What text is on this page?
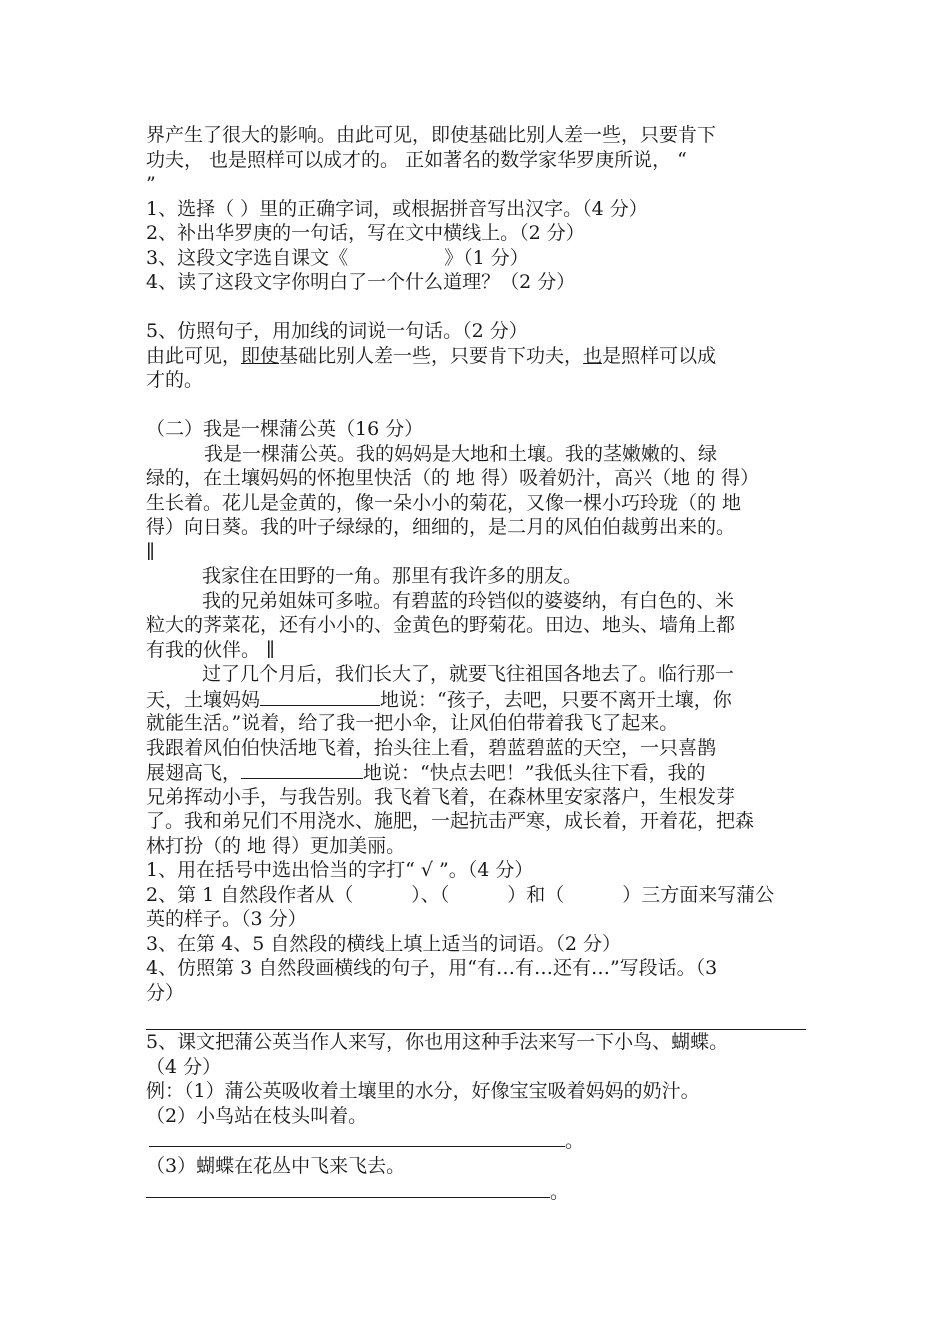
界产生了很大的影响。由此可见，即使基础比别人差一些，只要肯下
功夫， 也是照样可以成才的。 正如著名的数学家华罗庚所说， “
”
1、选择（ ）里的正确字词，或根据拼音写出汉字。（4 分）
2、补出华罗庚的一句话，写在文中横线上。（2 分）
3、这段文字选自课文《	》（1 分）
4、读了这段文字你明白了一个什么道理？（2 分）
5、仿照句子，用加线的词说一句话。（2 分）
由此可见，即使基础比别人差一些，只要肯下功夫，也是照样可以成
才的。
（二）我是一棵蒲公英（16 分）
我是一棵蒲公英。我的妈妈是大地和土壤。我的茎嫩嫩的、绿
绿的，在土壤妈妈的怀抱里快活（的 地 得）吸着奶汁，高兴（地 的 得）
生长着。花儿是金黄的，像一朵小小的菊花，又像一棵小巧玲珑（的 地
得）向日葵。我的叶子绿绿的，细细的，是二月的风伯伯裁剪出来的。
∥
我家住在田野的一角。那里有我许多的朋友。
我的兄弟姐妹可多啦。有碧蓝的玲铛似的婆婆纳，有白色的、米
粒大的荠菜花，还有小小的、金黄色的野菊花。田边、地头、墙角上都
有我的伙伴。 ∥
过了几个月后，我们长大了，就要飞往祖国各地去了。临行那一
天，土壤妈妈	地说：“孩子，去吧，只要不离开土壤，你
就能生活。”说着，给了我一把小伞，让风伯伯带着我飞了起来。
我跟着风伯伯快活地飞着，抬头往上看，碧蓝碧蓝的天空，一只喜鹊
展翅高飞，	地说：“快点去吧！”我低头往下看，我的
兄弟挥动小手，与我告别。我飞着飞着，在森林里安家落户，生根发芽
了。我和弟兄们不用浇水、施肥，一起抗击严寒，成长着，开着花，把森
林打扮（的 地 得）更加美丽。
1、用在括号中选出恰当的字打“ √ ”。（4 分）
2、第 1 自然段作者从（	）、（	）和（	）三方面来写蒲公
英的样子。（3 分）
3、在第 4、5 自然段的横线上填上适当的词语。（2 分）
4、仿照第 3 自然段画横线的句子，用“有…有…还有…”写段话。（3
分）
5、课文把蒲公英当作人来写，你也用这种手法来写一下小鸟、蝴蝶。
（4 分）
例：（1）蒲公英吸收着土壤里的水分，好像宝宝吸着妈妈的奶汁。
（2）小鸟站在枝头叫着。
。
（3）蝴蝶在花丛中飞来飞去。
。
